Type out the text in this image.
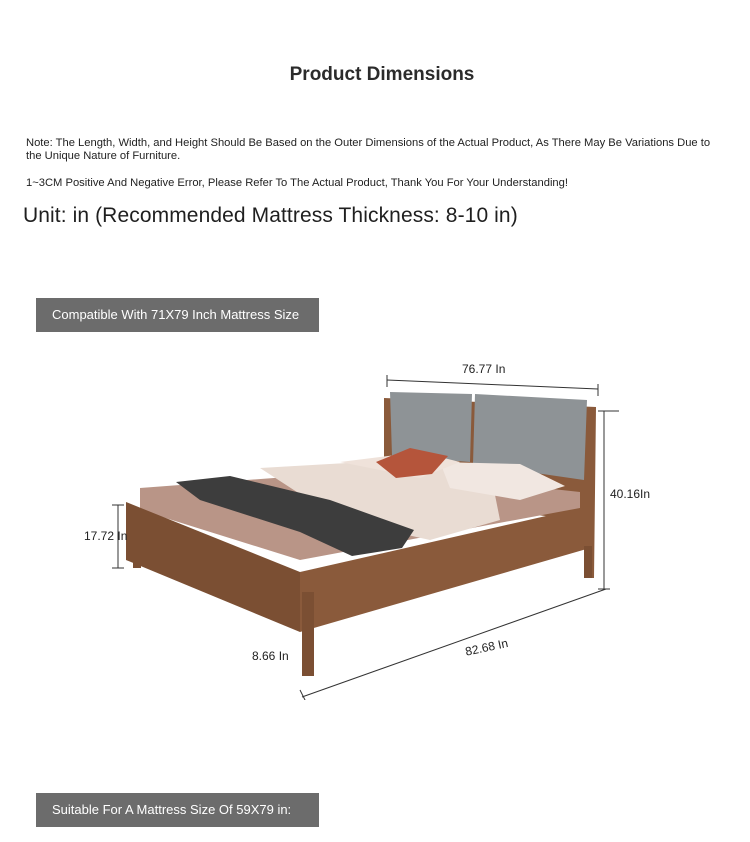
Product Dimensions
Note: The Length, Width, and Height Should Be Based on the Outer Dimensions of the Actual Product, As There May Be Variations Due to the Unique Nature of Furniture.
1~3CM Positive And Negative Error, Please Refer To The Actual Product, Thank You For Your Understanding!
Unit: in (Recommended Mattress Thickness: 8-10 in)
Compatible With 71X79 Inch Mattress Size
76.77 In
40.16In
17.72 In
8.66 In	82.68 In
Suitable For A Mattress Size Of 59X79 in:
